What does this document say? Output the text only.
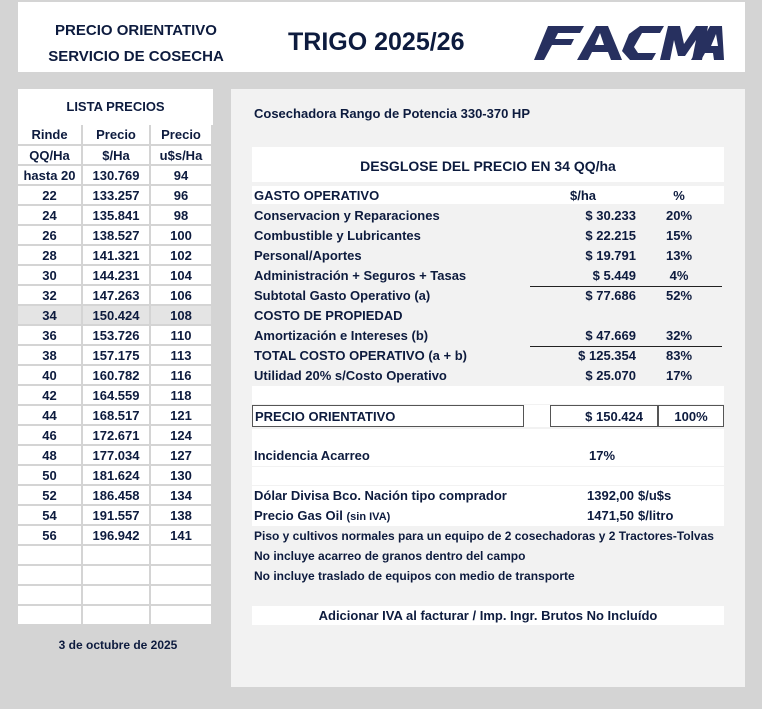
PRECIO ORIENTATIVO
SERVICIO DE COSECHA
TRIGO 2025/26
LISTA PRECIOS
Rinde	Precio	Precio
QQ/Ha	$/Ha	u$s/Ha
hasta 20	130.769	94
22	133.257	96
24	135.841	98
26	138.527	100
28	141.321	102
30	144.231	104
32	147.263	106
34	150.424	108
36	153.726	110
38	157.175	113
40	160.782	116
42	164.559	118
44	168.517	121
46	172.671	124
48	177.034	127
50	181.624	130
52	186.458	134
54	191.557	138
56	196.942	141

3 de octubre de 2025
Cosechadora Rango de Potencia 330-370 HP
DESGLOSE DEL PRECIO EN 34 QQ/ha
GASTO OPERATIVO	$/ha	%
Conservacion y Reparaciones	$ 30.233	20%
Combustible y Lubricantes	$ 22.215	15%
Personal/Aportes	$ 19.791	13%
Administración + Seguros + Tasas	$ 5.449	4%
Subtotal Gasto Operativo (a)	$ 77.686	52%
COSTO DE PROPIEDAD
Amortización e Intereses (b)	$ 47.669	32%
TOTAL COSTO OPERATIVO (a + b)	$ 125.354	83%
Utilidad 20% s/Costo Operativo	$ 25.070	17%
PRECIO ORIENTATIVO	$ 150.424	100%
Incidencia Acarreo	17%
Dólar Divisa Bco. Nación tipo comprador	1392,00 $/u$s
Precio Gas Oil (sin IVA)	1471,50 $/litro
Piso y cultivos normales para un equipo de 2 cosechadoras y 2 Tractores-Tolvas
No incluye acarreo de granos dentro del campo
No incluye traslado de equipos con medio de transporte
Adicionar IVA al facturar / Imp. Ingr. Brutos No Incluído
